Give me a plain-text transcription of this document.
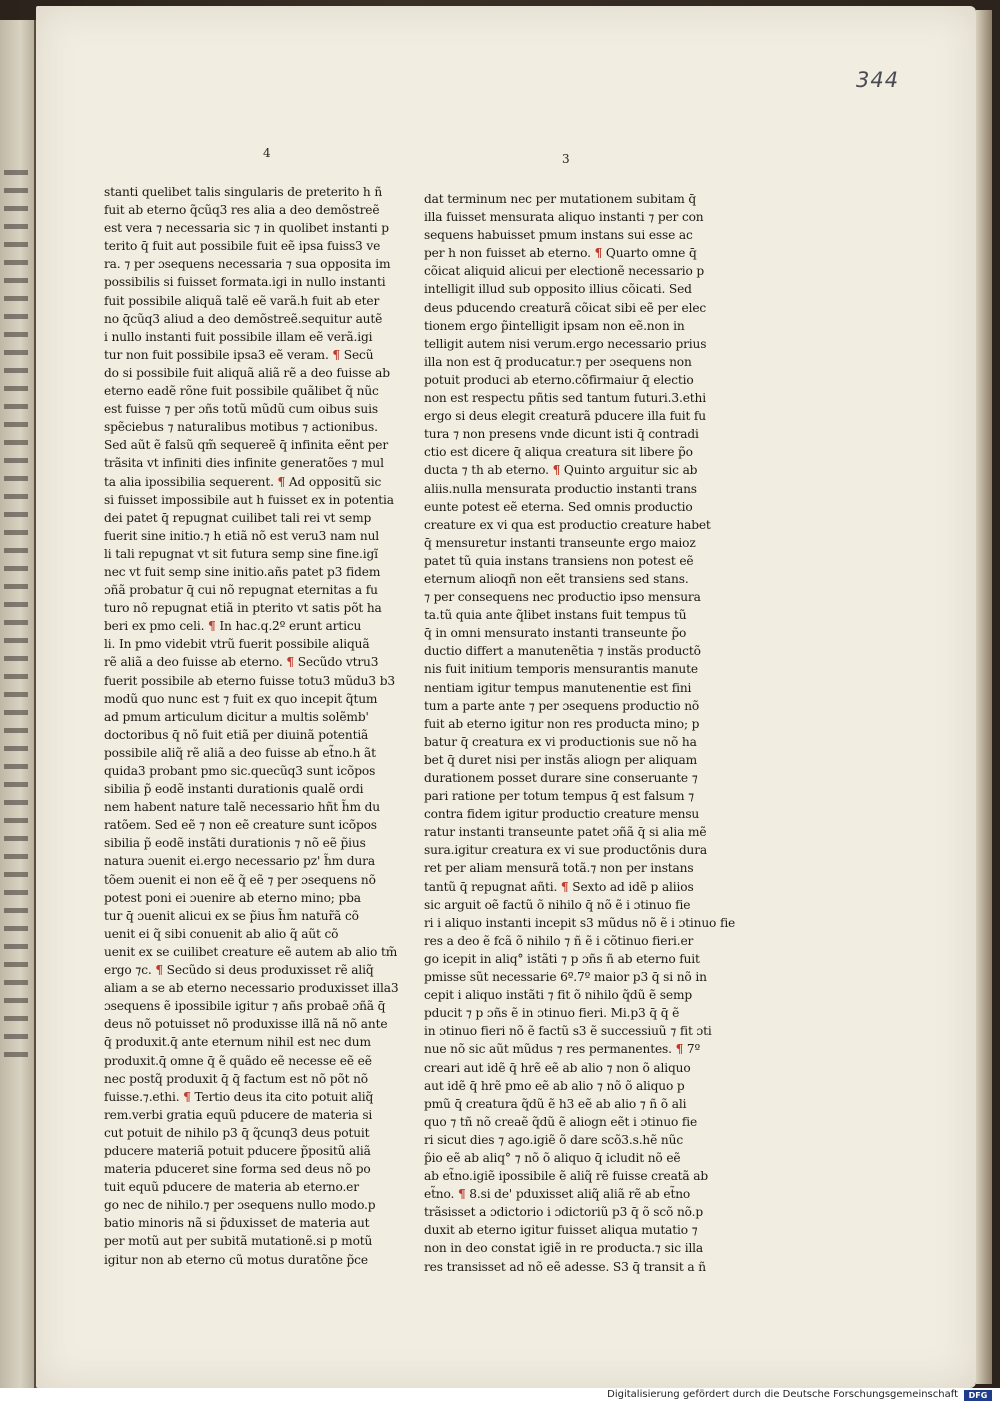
344
4	3
stanti quelibet talis singularis de preterito h ñ
fuit ab eterno q̃cũq3 res alia a deo demõstreẽ
est vera ⁊ necessaria sic ⁊ in quolibet instanti p
terito q̄ fuit aut possibile fuit eẽ ipsa fuiss3 ve
ra. ⁊ per ɔsequens necessaria ⁊ sua opposita im
possibilis si fuisset formata.igi in nullo instanti
fuit possibile aliquã talẽ eẽ varã.h fuit ab eter
no q̄cũq3 aliud a deo demõstreẽ.sequitur autẽ
i nullo instanti fuit possibile illam eẽ verã.igi
tur non fuit possibile ipsa3 eẽ veram. ¶ Secũ
do si possibile fuit aliquã aliã rẽ a deo fuisse ab
eterno eadẽ rõne fuit possibile quãlibet q̃ nũc
est fuisse ⁊ per ɔñs totũ mũdũ cum oibus suis
spẽciebus ⁊ naturalibus motibus ⁊ actionibus.
Sed aũt ẽ falsũ qm̃ sequereẽ q̄ infinita eẽnt per
trãsita vt infiniti dies infinite generatões ⁊ mul
ta alia ipossibilia sequerent. ¶ Ad oppositũ sic
si fuisset impossibile aut h fuisset ex in potentia
dei patet q̄ repugnat cuilibet tali rei vt semp
fuerit sine initio.⁊ h etiã nõ est veru3 nam nul
li tali repugnat vt sit futura semp sine fine.igĩ
nec vt fuit semp sine initio.añs patet p3 fidem
ɔñã probatur q̄ cui nõ repugnat eternitas a fu
turo nõ repugnat etiã in pterito vt satis põt ha
beri ex pmo celi. ¶ In hac.q.2º erunt articu
li. In pmo videbit vtrũ fuerit possibile aliquã
rẽ aliã a deo fuisse ab eterno. ¶ Secũdo vtru3
fuerit possibile ab eterno fuisse totu3 mũdu3 b3
modũ quo nunc est ⁊ fuit ex quo incepit q̃tum
ad pmum articulum dicitur a multis solẽmb'
doctoribus q̄ nõ fuit etiã per diuinã potentiã
possibile aliq̃ rẽ aliã a deo fuisse ab et̃no.h ãt
quida3 probant pmo sic.quecũq3 sunt icõpos
sibilia p̃ eodẽ instanti durationis qualẽ ordi
nem habent nature talẽ necessario hñt h̃m du
ratõem. Sed eẽ ⁊ non eẽ creature sunt icõpos
sibilia p̃ eodẽ instãti durationis ⁊ nõ eẽ p̃ius
natura ɔuenit ei.ergo necessario pz' h̃m dura
tõem ɔuenit ei non eẽ q̃ eẽ ⁊ per ɔsequens nõ
potest poni ei ɔuenire ab eterno mino; pba
tur q̄ ɔuenit alicui ex se p̃ius h̃m natur̃ã cõ
uenit ei q̃ sibi conuenit ab alio q̃ aũt cõ
uenit ex se cuilibet creature eẽ autem ab alio tm̃
ergo ⁊c. ¶ Secũdo si deus produxisset rẽ aliq̃
aliam a se ab eterno necessario produxisset illa3
ɔsequens ẽ ipossibile igitur ⁊ añs probaẽ ɔñã q̄
deus nõ potuisset nõ produxisse illã nã nõ ante
q̄ produxit.q̄ ante eternum nihil est nec dum
produxit.q̄ omne q̄ ẽ quãdo eẽ necesse eẽ eẽ
nec postq̃ produxit q̄ q̄ factum est nõ põt nõ
fuisse.⁊.ethi. ¶ Tertio deus ita cito potuit aliq̃
rem.verbi gratia equũ pducere de materia si
cut potuit de nihilo p3 q̄ q̃cunq3 deus potuit
pducere materiã potuit pducere p̃positũ aliã
materia pduceret sine forma sed deus nõ po
tuit equũ pducere de materia ab eterno.er
go nec de nihilo.⁊ per ɔsequens nullo modo.p
batio minoris nã si p̃duxisset de materia aut
per motũ aut per subitã mutationẽ.si p motũ
igitur non ab eterno cũ motus duratõne p̃ce
dat terminum nec per mutationem subitam q̄
illa fuisset mensurata aliquo instanti ⁊ per con
sequens habuisset pmum instans sui esse ac
per h non fuisset ab eterno. ¶ Quarto omne q̄
cõicat aliquid alicui per electionẽ necessario p
intelligit illud sub opposito illius cõicati. Sed
deus pducendo creaturã cõicat sibi eẽ per elec
tionem ergo p̃intelligit ipsam non eẽ.non in
telligit autem nisi verum.ergo necessario prius
illa non est q̄ producatur.⁊ per ɔsequens non
potuit produci ab eterno.cõfirmaiur q̄ electio
non est respectu pñtis sed tantum futuri.3.ethi
ergo si deus elegit creaturã pducere illa fuit fu
tura ⁊ non presens vnde dicunt isti q̄ contradi
ctio est dicere q̄ aliqua creatura sit libere p̃o
ducta ⁊ th ab eterno. ¶ Quinto arguitur sic ab
aliis.nulla mensurata productio instanti trans
eunte potest eẽ eterna. Sed omnis productio
creature ex vi qua est productio creature habet
q̄ mensuretur instanti transeunte ergo maioz
patet tũ quia instans transiens non potest eẽ
eternum alioqñ non eẽt transiens sed stans.
⁊ per consequens nec productio ipso mensura
ta.tũ quia ante q̃libet instans fuit tempus tũ
q̄ in omni mensurato instanti transeunte p̃o
ductio differt a manutenẽtia ⁊ instãs productõ
nis fuit initium temporis mensurantis manute
nentiam igitur tempus manutenentie est fini
tum a parte ante ⁊ per ɔsequens productio nõ
fuit ab eterno igitur non res producta mino; p
batur q̄ creatura ex vi productionis sue nõ ha
bet q̄ duret nisi per instãs aliogn per aliquam
durationem posset durare sine conseruante ⁊
pari ratione per totum tempus q̄ est falsum ⁊
contra fidem igitur productio creature mensu
ratur instanti transeunte patet ɔñã q̄ si alia mẽ
sura.igitur creatura ex vi sue productõnis dura
ret per aliam mensurã totã.⁊ non per instans
tantũ q̄ repugnat añti. ¶ Sexto ad idẽ p aliios
sic arguit oẽ factũ õ nihilo q̄ nõ ẽ i ɔtinuo fie
ri i aliquo instanti incepit s3 mũdus nõ ẽ i ɔtinuo fie
res a deo ẽ fcã õ nihilo ⁊ ñ ẽ i cõtinuo fieri.er
go icepit in aliq° istãti ⁊ p ɔñs ñ ab eterno fuit
pmisse sũt necessarie 6º.7º maior p3 q̄ si nõ in
cepit i aliquo instãti ⁊ fit õ nihilo q̃dũ ẽ semp
pducit ⁊ p ɔñs ẽ in ɔtinuo fieri. Mi.p3 q̄ q̄ ẽ
in ɔtinuo fieri nõ ẽ factũ s3 ẽ successiuũ ⁊ fit ɔti
nue nõ sic aũt mũdus ⁊ res permanentes. ¶ 7º
creari aut idẽ q̄ hrẽ eẽ ab alio ⁊ non õ aliquo
aut idẽ q̄ hrẽ pmo eẽ ab alio ⁊ nõ õ aliquo p
pmũ q̄ creatura q̃dũ ẽ h3 eẽ ab alio ⁊ ñ õ ali
quo ⁊ tñ nõ creaẽ q̃dũ ẽ aliogn eẽt i ɔtinuo fie
ri sicut dies ⁊ ago.igiẽ õ dare scõ3.s.hẽ nũc
p̃io eẽ ab aliq° ⁊ nõ õ aliquo q̄ icludit nõ eẽ
ab et̃no.igiẽ ipossibile ẽ aliq̃ rẽ fuisse creatã ab
et̃no. ¶ 8.si de' pduxisset aliq̃ aliã rẽ ab et̃no
trãsisset a ɔdictorio i ɔdictoriũ p3 q̄ õ scõ nõ.p
duxit ab eterno igitur fuisset aliqua mutatio ⁊
non in deo constat igiẽ in re producta.⁊ sic illa
res transisset ad nõ eẽ adesse. S3 q̄ transit a ñ
Digitalisierung gefördert durch die Deutsche Forschungsgemeinschaft	DFG
